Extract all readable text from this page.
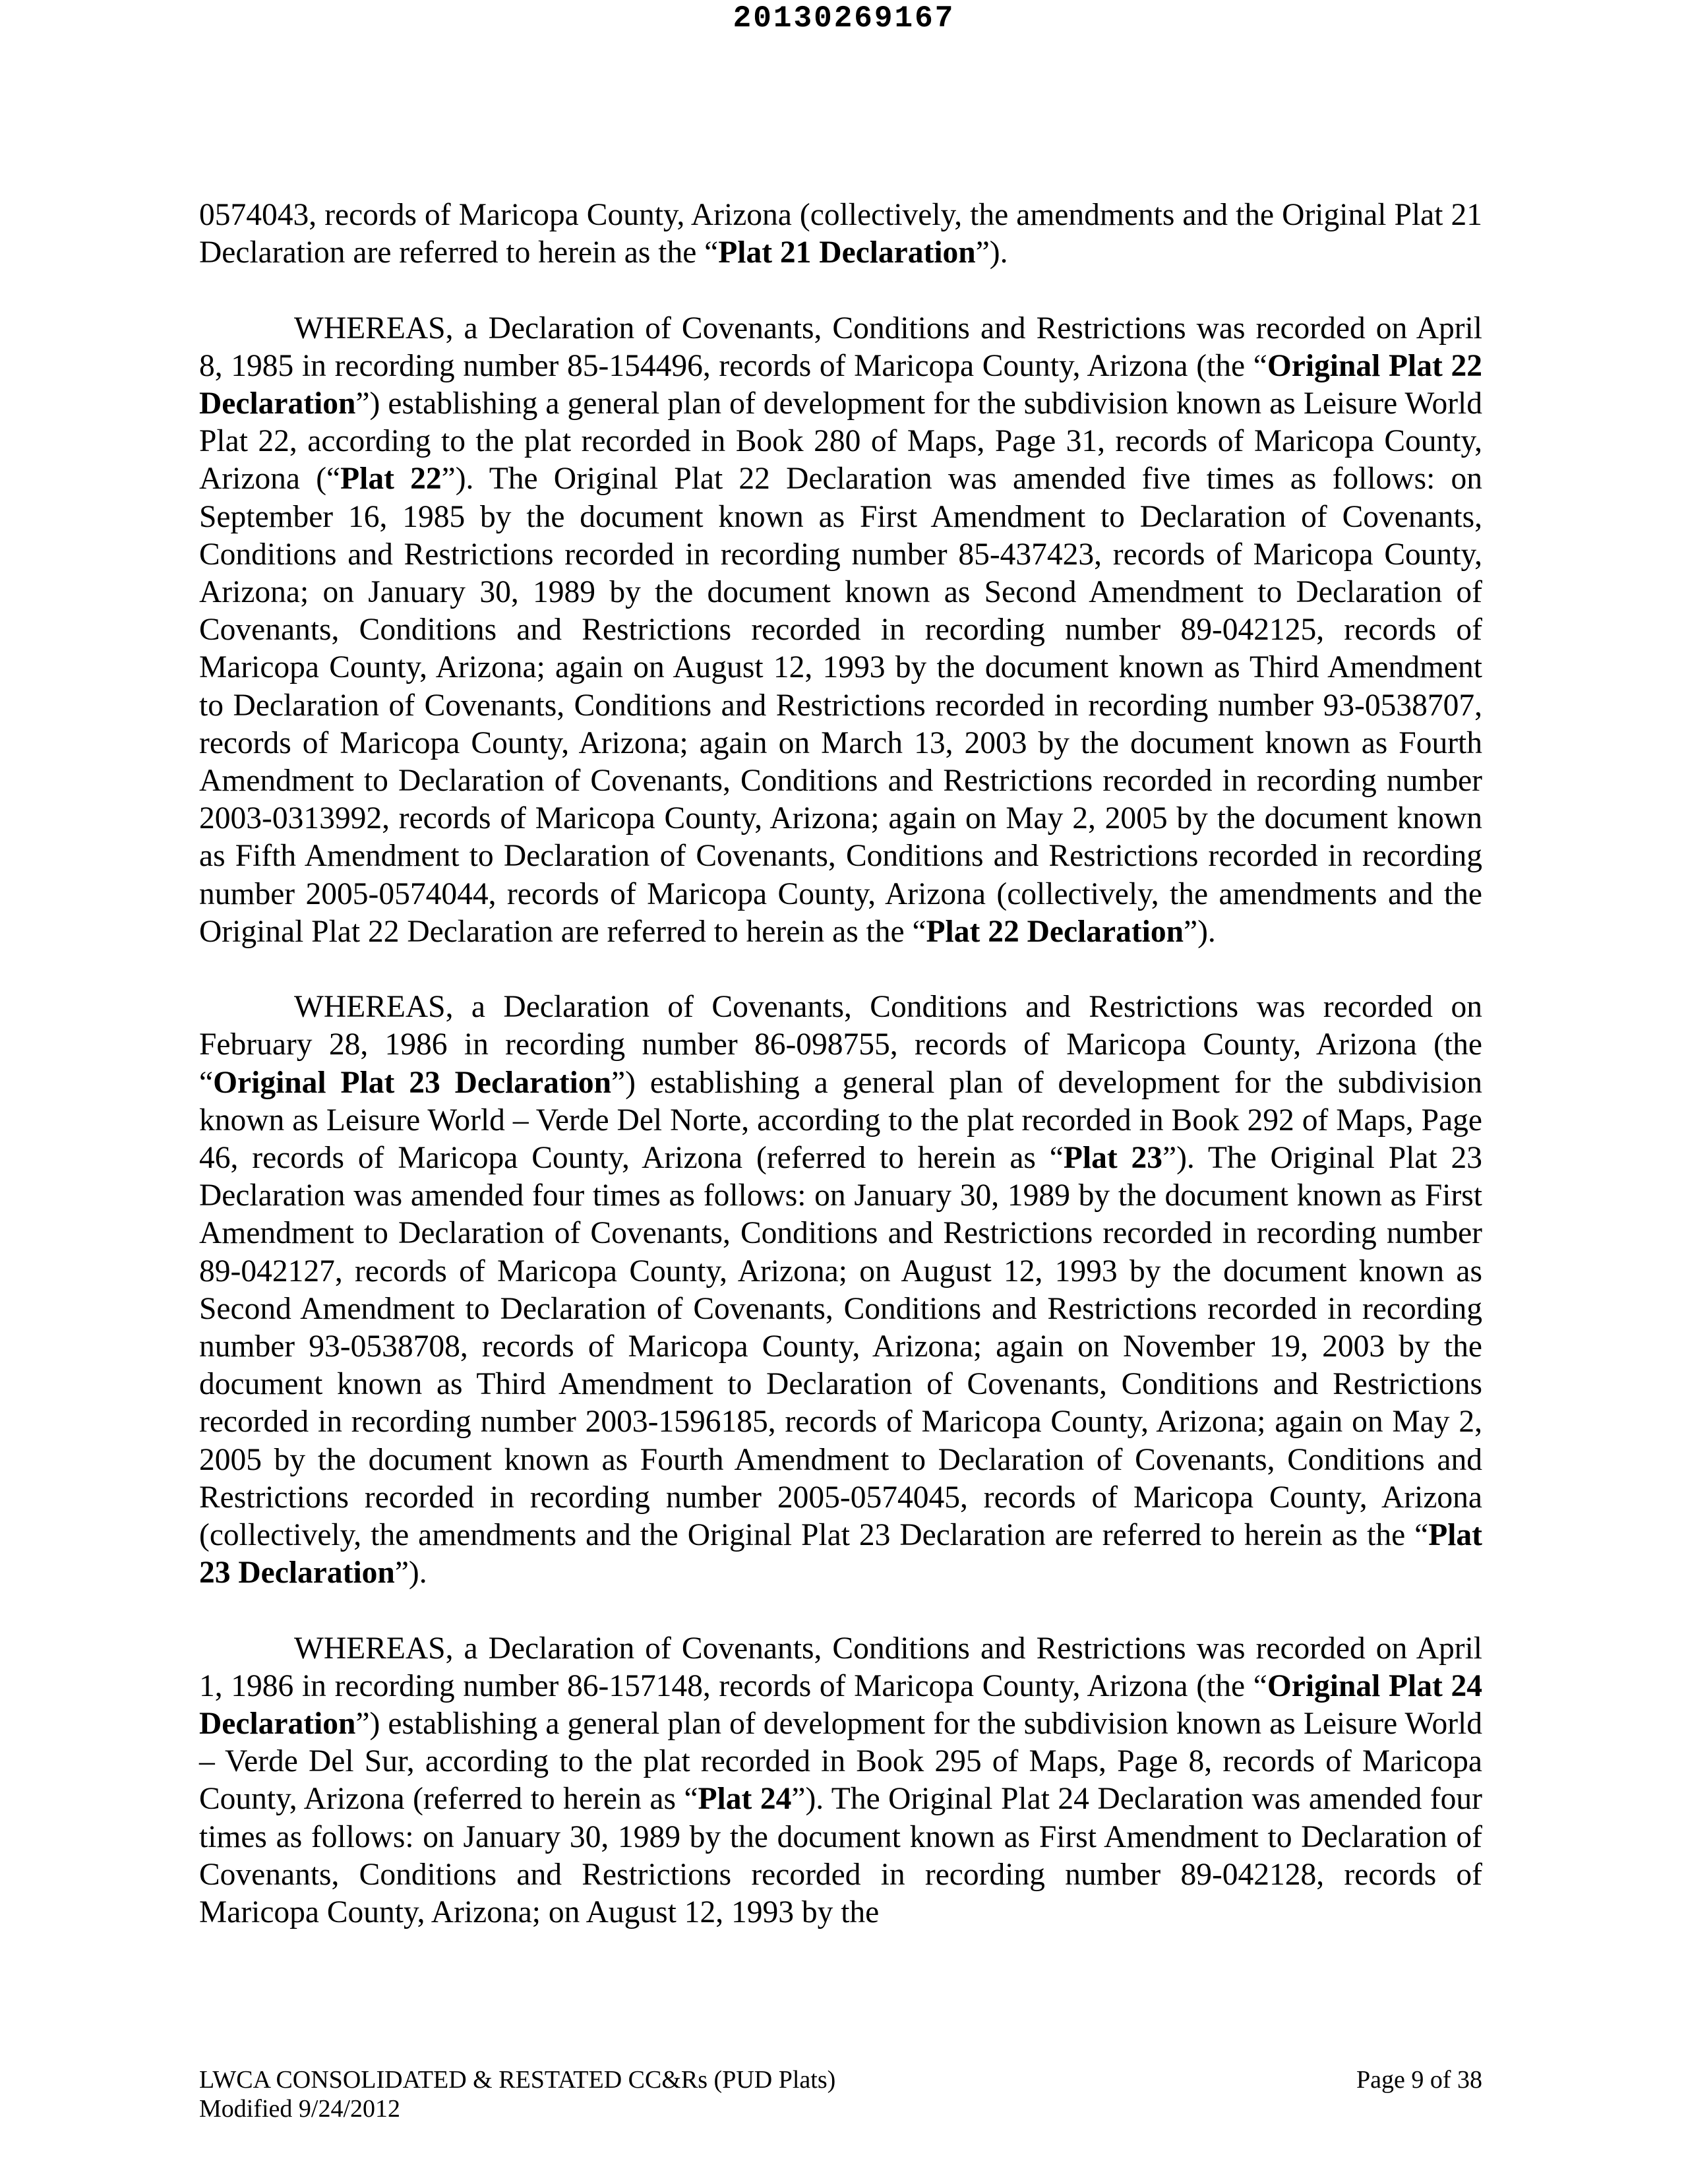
20130269167

0574043, records of Maricopa County, Arizona (collectively, the amendments and the Original Plat 21 Declaration are referred to herein as the “Plat 21 Declaration”).

WHEREAS, a Declaration of Covenants, Conditions and Restrictions was recorded on April 8, 1985 in recording number 85-154496, records of Maricopa County, Arizona (the “Original Plat 22 Declaration”) establishing a general plan of development for the subdivision known as Leisure World Plat 22, according to the plat recorded in Book 280 of Maps, Page 31, records of Maricopa County, Arizona (“Plat 22”). The Original Plat 22 Declaration was amended five times as follows: on September 16, 1985 by the document known as First Amendment to Declaration of Covenants, Conditions and Restrictions recorded in recording number 85-437423, records of Maricopa County, Arizona; on January 30, 1989 by the document known as Second Amendment to Declaration of Covenants, Conditions and Restrictions recorded in recording number 89-042125, records of Maricopa County, Arizona; again on August 12, 1993 by the document known as Third Amendment to Declaration of Covenants, Conditions and Restrictions recorded in recording number 93-0538707, records of Maricopa County, Arizona; again on March 13, 2003 by the document known as Fourth Amendment to Declaration of Covenants, Conditions and Restrictions recorded in recording number 2003-0313992, records of Maricopa County, Arizona; again on May 2, 2005 by the document known as Fifth Amendment to Declaration of Covenants, Conditions and Restrictions recorded in recording number 2005-0574044, records of Maricopa County, Arizona (collectively, the amendments and the Original Plat 22 Declaration are referred to herein as the “Plat 22 Declaration”).

WHEREAS, a Declaration of Covenants, Conditions and Restrictions was recorded on February 28, 1986 in recording number 86-098755, records of Maricopa County, Arizona (the “Original Plat 23 Declaration”) establishing a general plan of development for the subdivision known as Leisure World – Verde Del Norte, according to the plat recorded in Book 292 of Maps, Page 46, records of Maricopa County, Arizona (referred to herein as “Plat 23”). The Original Plat 23 Declaration was amended four times as follows: on January 30, 1989 by the document known as First Amendment to Declaration of Covenants, Conditions and Restrictions recorded in recording number 89-042127, records of Maricopa County, Arizona; on August 12, 1993 by the document known as Second Amendment to Declaration of Covenants, Conditions and Restrictions recorded in recording number 93-0538708, records of Maricopa County, Arizona; again on November 19, 2003 by the document known as Third Amendment to Declaration of Covenants, Conditions and Restrictions recorded in recording number 2003-1596185, records of Maricopa County, Arizona; again on May 2, 2005 by the document known as Fourth Amendment to Declaration of Covenants, Conditions and Restrictions recorded in recording number 2005-0574045, records of Maricopa County, Arizona (collectively, the amendments and the Original Plat 23 Declaration are referred to herein as the “Plat 23 Declaration”).

WHEREAS, a Declaration of Covenants, Conditions and Restrictions was recorded on April 1, 1986 in recording number 86-157148, records of Maricopa County, Arizona (the “Original Plat 24 Declaration”) establishing a general plan of development for the subdivision known as Leisure World – Verde Del Sur, according to the plat recorded in Book 295 of Maps, Page 8, records of Maricopa County, Arizona (referred to herein as “Plat 24”). The Original Plat 24 Declaration was amended four times as follows: on January 30, 1989 by the document known as First Amendment to Declaration of Covenants, Conditions and Restrictions recorded in recording number 89-042128, records of Maricopa County, Arizona; on August 12, 1993 by the

LWCA CONSOLIDATED & RESTATED CC&Rs (PUD Plats)
Modified 9/24/2012
Page 9 of 38
